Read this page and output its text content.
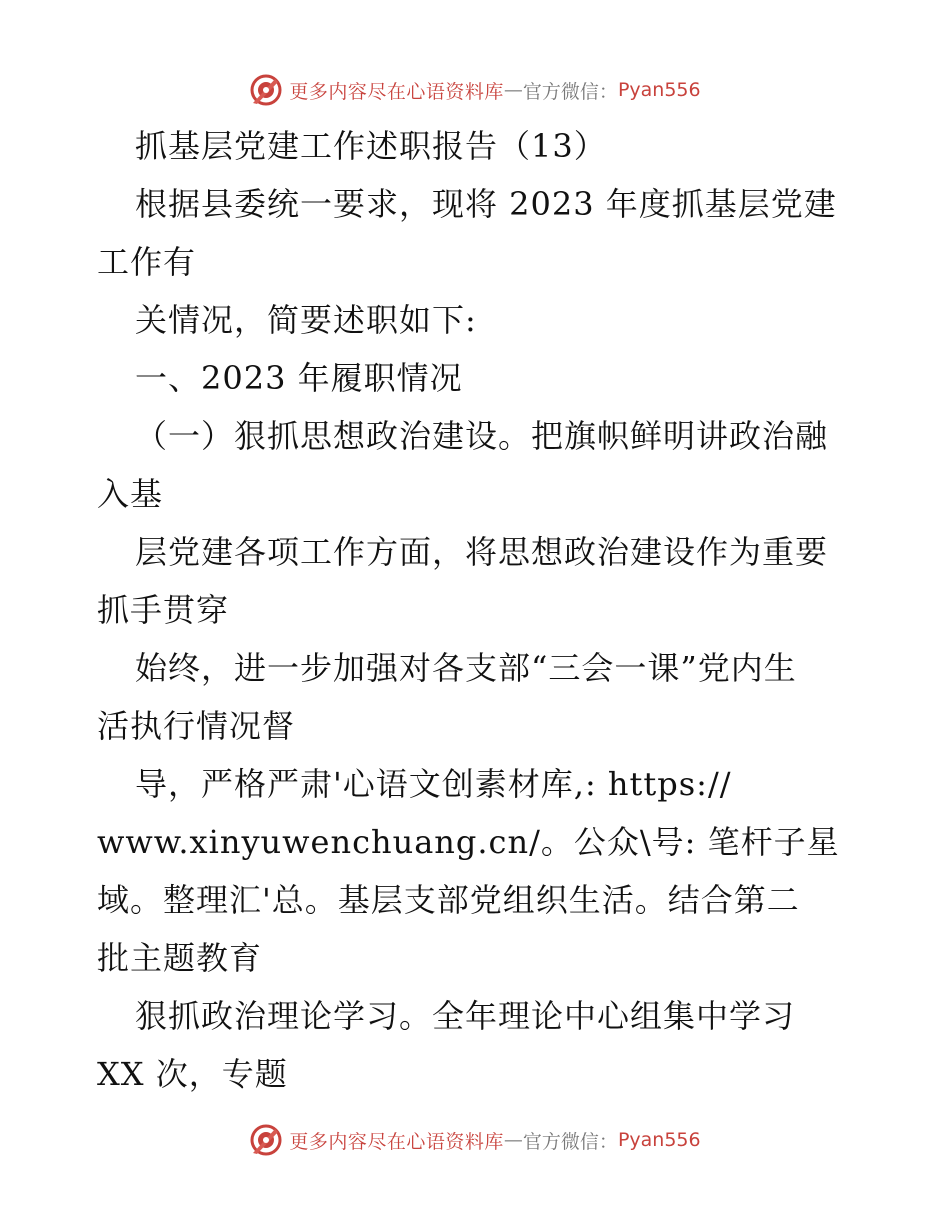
更多内容尽在心语资料库 — 官方微信： Pyan556
抓基层党建工作述职报告（13）
根据县委统一要求，现将 2023 年度抓基层党建
工作有
关情况，简要述职如下:
一、2023 年履职情况
（一）狠抓思想政治建设。把旗帜鲜明讲政治融
入基
层党建各项工作方面，将思想政治建设作为重要
抓手贯穿
始终，进一步加强对各支部“三会一课”党内生
活执行情况督
导，严格严肃'心语文创素材库,: https://
www.xinyuwenchuang.cn/。公众\号: 笔杆子星
域。整理汇'总。基层支部党组织生活。结合第二
批主题教育
狠抓政治理论学习。全年理论中心组集中学习
XX 次，专题
更多内容尽在心语资料库 — 官方微信： Pyan556
